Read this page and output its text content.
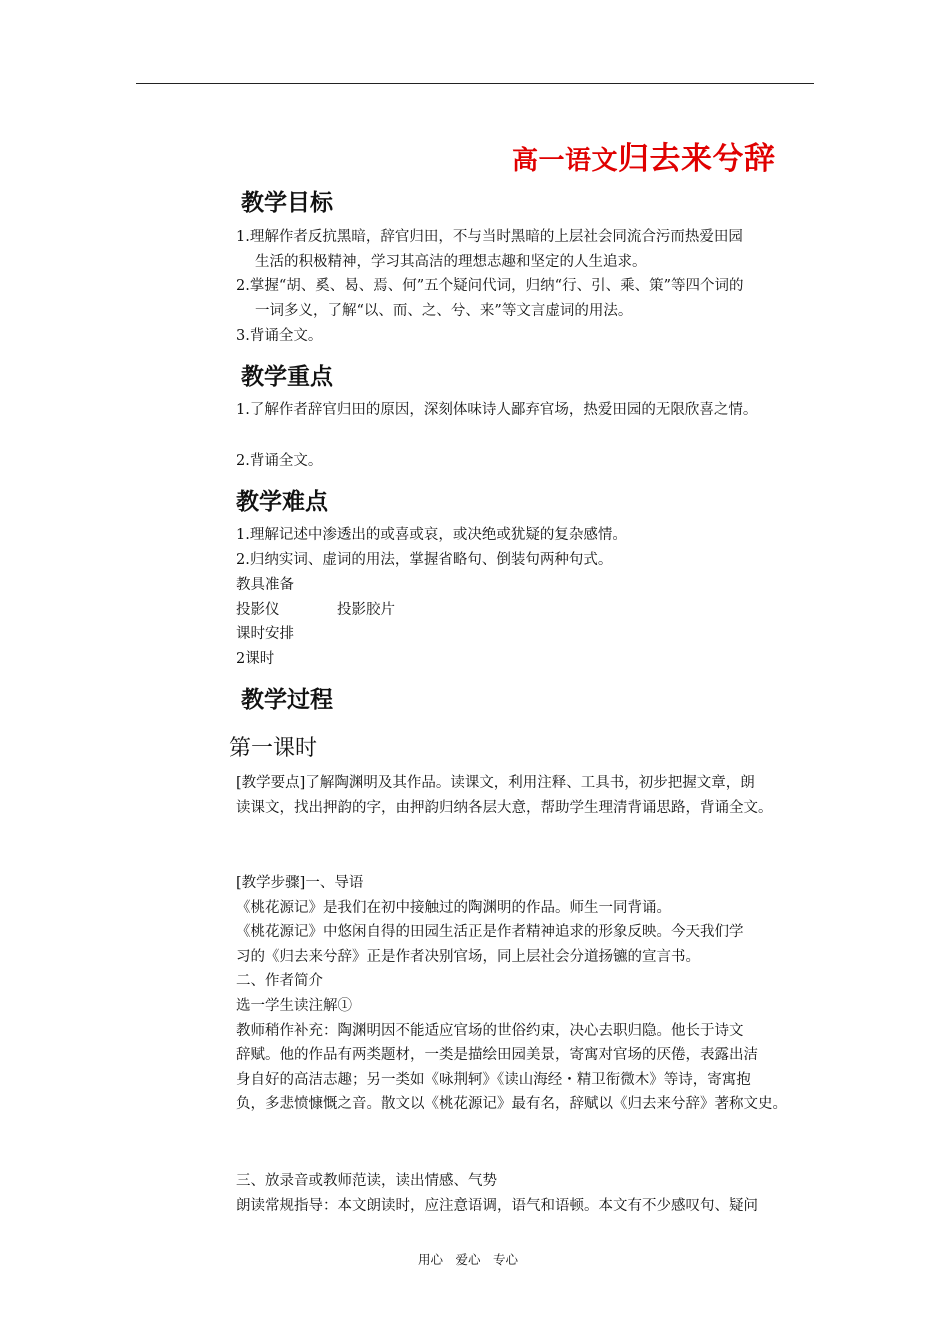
高一语文归去来兮辞
教学目标
1.理解作者反抗黑暗，辞官归田，不与当时黑暗的上层社会同流合污而热爱田园
生活的积极精神，学习其高洁的理想志趣和坚定的人生追求。
2.掌握“胡、奚、曷、焉、何”五个疑问代词，归纳“行、引、乘、策”等四个词的
一词多义，了解“以、而、之、兮、来”等文言虚词的用法。
3.背诵全文。
教学重点
1.了解作者辞官归田的原因，深刻体味诗人鄙弃官场，热爱田园的无限欣喜之情。
2.背诵全文。
教学难点
1.理解记述中渗透出的或喜或哀，或决绝或犹疑的复杂感情。
2.归纳实词、虚词的用法，掌握省略句、倒装句两种句式。
教具准备
投影仪	投影胶片
课时安排
2课时
教学过程
第一课时
[教学要点]了解陶渊明及其作品。读课文，利用注释、工具书，初步把握文章，朗
读课文，找出押韵的字，由押韵归纳各层大意，帮助学生理清背诵思路，背诵全文。
[教学步骤]一、导语
《桃花源记》是我们在初中接触过的陶渊明的作品。师生一同背诵。
《桃花源记》中悠闲自得的田园生活正是作者精神追求的形象反映。今天我们学
习的《归去来兮辞》正是作者决别官场，同上层社会分道扬镳的宣言书。
二、作者简介
选一学生读注解①
教师稍作补充：陶渊明因不能适应官场的世俗约束，决心去职归隐。他长于诗文
辞赋。他的作品有两类题材，一类是描绘田园美景，寄寓对官场的厌倦，表露出洁
身自好的高洁志趣；另一类如《咏荆轲》《读山海经・精卫衔微木》等诗，寄寓抱
负，多悲愤慷慨之音。散文以《桃花源记》最有名，辞赋以《归去来兮辞》著称文史。
三、放录音或教师范读，读出情感、气势
朗读常规指导：本文朗读时，应注意语调，语气和语顿。本文有不少感叹句、疑问
用心　爱心　专心
